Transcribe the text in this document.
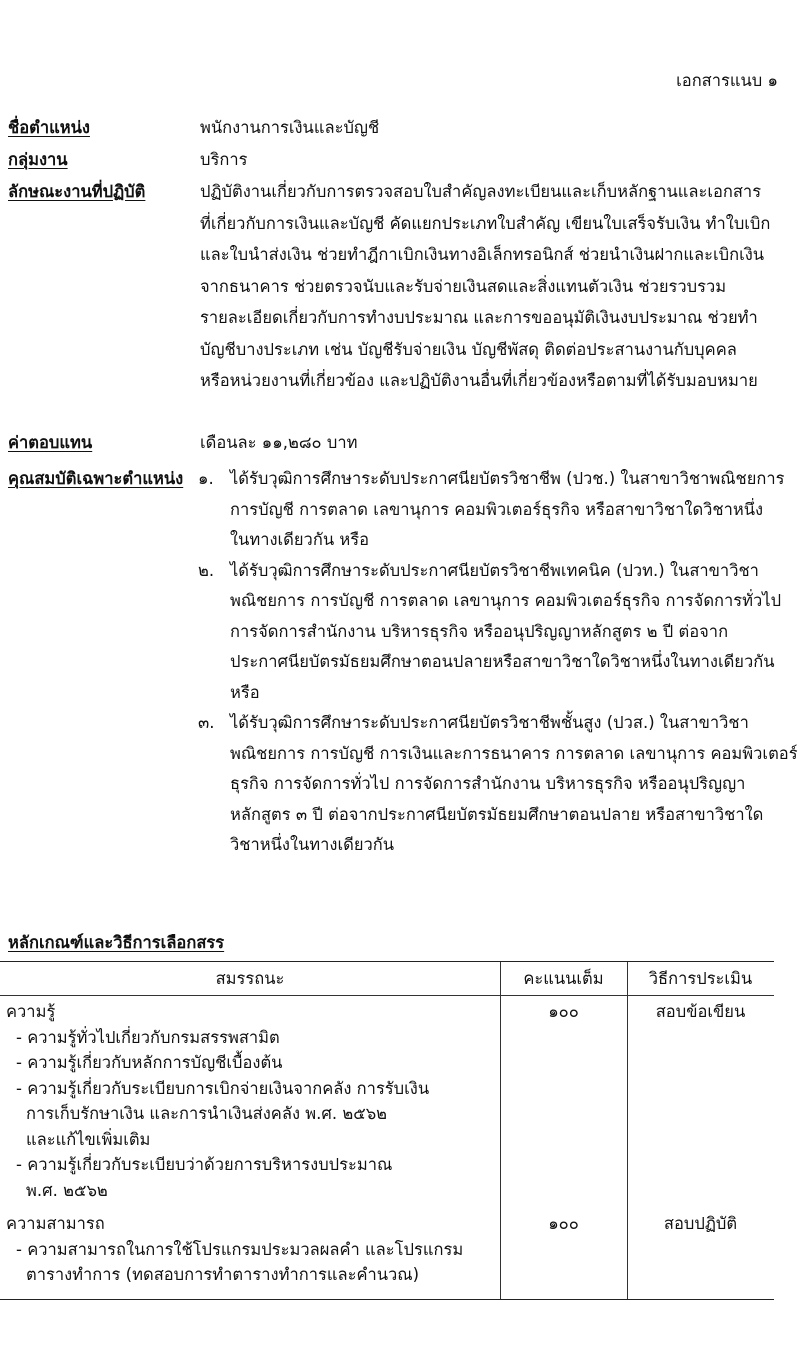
เอกสารแนบ ๑
ชื่อตำแหน่ง	พนักงานการเงินและบัญชี
กลุ่มงาน	บริการ
ลักษณะงานที่ปฏิบัติ	ปฏิบัติงานเกี่ยวกับการตรวจสอบใบสำคัญลงทะเบียนและเก็บหลักฐานและเอกสาร
ที่เกี่ยวกับการเงินและบัญชี คัดแยกประเภทใบสำคัญ เขียนใบเสร็จรับเงิน ทำใบเบิก
และใบนำส่งเงิน ช่วยทำฎีกาเบิกเงินทางอิเล็กทรอนิกส์ ช่วยนำเงินฝากและเบิกเงิน
จากธนาคาร ช่วยตรวจนับและรับจ่ายเงินสดและสิ่งแทนตัวเงิน ช่วยรวบรวม
รายละเอียดเกี่ยวกับการทำงบประมาณ และการขออนุมัติเงินงบประมาณ ช่วยทำ
บัญชีบางประเภท เช่น บัญชีรับจ่ายเงิน บัญชีพัสดุ ติดต่อประสานงานกับบุคคล
หรือหน่วยงานที่เกี่ยวข้อง และปฏิบัติงานอื่นที่เกี่ยวข้องหรือตามที่ได้รับมอบหมาย
ค่าตอบแทน	เดือนละ ๑๑,๒๘๐ บาท
คุณสมบัติเฉพาะตำแหน่ง ๑. ได้รับวุฒิการศึกษาระดับประกาศนียบัตรวิชาชีพ (ปวช.) ในสาขาวิชาพณิชยการ
การบัญชี การตลาด เลขานุการ คอมพิวเตอร์ธุรกิจ หรือสาขาวิชาใดวิชาหนึ่ง
ในทางเดียวกัน หรือ
๒. ได้รับวุฒิการศึกษาระดับประกาศนียบัตรวิชาชีพเทคนิค (ปวท.) ในสาขาวิชา
พณิชยการ การบัญชี การตลาด เลขานุการ คอมพิวเตอร์ธุรกิจ การจัดการทั่วไป
การจัดการสำนักงาน บริหารธุรกิจ หรืออนุปริญญาหลักสูตร ๒ ปี ต่อจาก
ประกาศนียบัตรมัธยมศึกษาตอนปลายหรือสาขาวิชาใดวิชาหนึ่งในทางเดียวกัน
หรือ
๓. ได้รับวุฒิการศึกษาระดับประกาศนียบัตรวิชาชีพชั้นสูง (ปวส.) ในสาขาวิชา
พณิชยการ การบัญชี การเงินและการธนาคาร การตลาด เลขานุการ คอมพิวเตอร์
ธุรกิจ การจัดการทั่วไป การจัดการสำนักงาน บริหารธุรกิจ หรืออนุปริญญา
หลักสูตร ๓ ปี ต่อจากประกาศนียบัตรมัธยมศึกษาตอนปลาย หรือสาขาวิชาใด
วิชาหนึ่งในทางเดียวกัน
หลักเกณฑ์และวิธีการเลือกสรร
สมรรถนะ	คะแนนเต็ม	วิธีการประเมิน
ความรู้
- ความรู้ทั่วไปเกี่ยวกับกรมสรรพสามิต
- ความรู้เกี่ยวกับหลักการบัญชีเบื้องต้น
- ความรู้เกี่ยวกับระเบียบการเบิกจ่ายเงินจากคลัง การรับเงิน
การเก็บรักษาเงิน และการนำเงินส่งคลัง พ.ศ. ๒๕๖๒
และแก้ไขเพิ่มเติม
- ความรู้เกี่ยวกับระเบียบว่าด้วยการบริหารงบประมาณ
พ.ศ. ๒๕๖๒
๑๐๐	สอบข้อเขียน
ความสามารถ
- ความสามารถในการใช้โปรแกรมประมวลผลคำ และโปรแกรม
ตารางทำการ (ทดสอบการทำตารางทำการและคำนวณ)
๑๐๐	สอบปฏิบัติ
